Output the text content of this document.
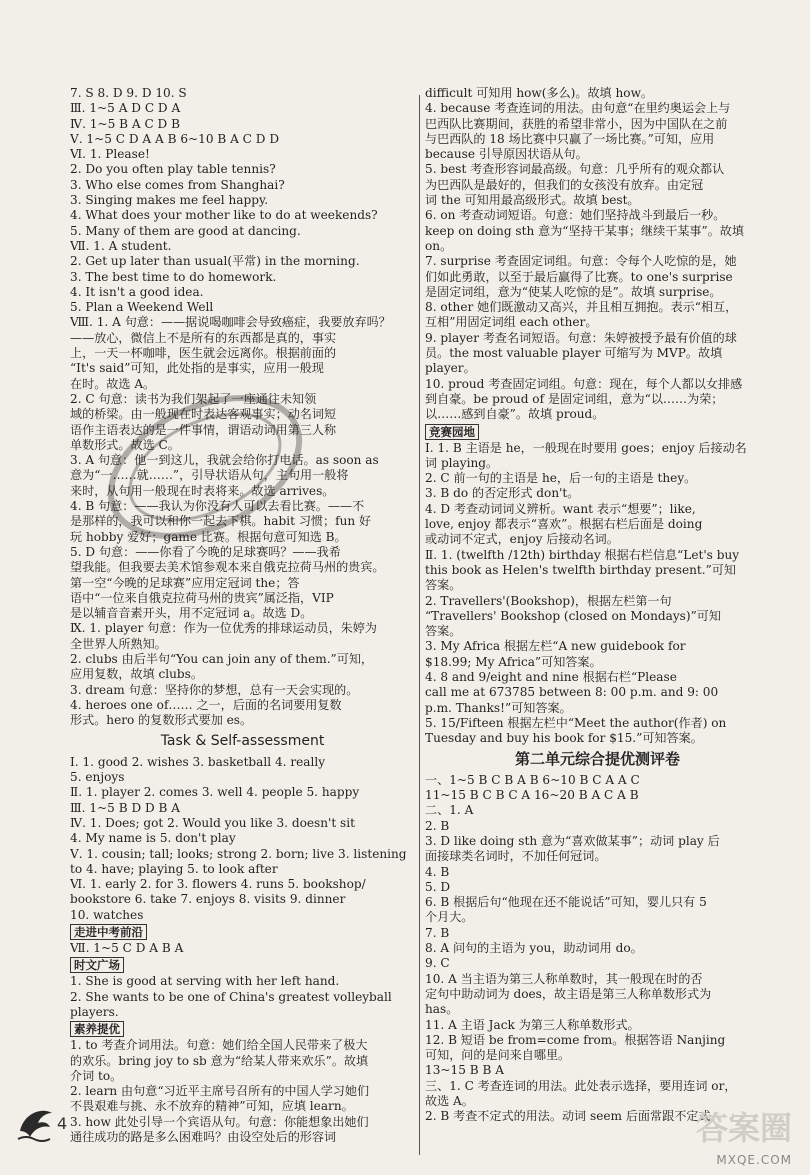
7. S 8. D 9. D 10. S
Ⅲ. 1~5 A D C D A
Ⅳ. 1~5 B A C D B
Ⅴ. 1~5 C D A A B 6~10 B A C D D
Ⅵ. 1. Please!
2. Do you often play table tennis?
3. Who else comes from Shanghai?
3. Singing makes me feel happy.
4. What does your mother like to do at weekends?
5. Many of them are good at dancing.
Ⅶ. 1. A student.
2. Get up later than usual(平常) in the morning.
3. The best time to do homework.
4. It isn't a good idea.
5. Plan a Weekend Well
Ⅷ. 1. A 句意：——据说喝咖啡会导致癌症，我要放弃吗？
——放心，微信上不是所有的东西都是真的，事实
上，一天一杯咖啡，医生就会远离你。根据前面的
“It's said”可知，此处指的是事实，应用一般现
在时。故选 A。
2. C 句意：读书为我们架起了一座通往未知领
域的桥梁。由一般现在时表达客观事实；动名词短
语作主语表达的是一件事情，谓语动词用第三人称
单数形式。故选 C。
3. A 句意：他一到这儿，我就会给你打电话。as soon as
意为“一……就……”，引导状语从句，主句用一般将
来时，从句用一般现在时表将来。故选 arrives。
4. B 句意：——我认为你没有人可以去看比赛。——不
是那样的，我可以和你一起去下棋。habit 习惯；fun 好
玩 hobby 爱好；game 比赛。根据句意可知选 B。
5. D 句意：——你看了今晚的足球赛吗？——我希
望我能。但我要去美术馆参观本来自俄克拉荷马州的贵宾。
第一空“今晚的足球赛”应用定冠词 the；答
语中“一位来自俄克拉荷马州的贵宾”属泛指，VIP
是以辅音音素开头，用不定冠词 a。故选 D。
Ⅸ. 1. player 句意：作为一位优秀的排球运动员，朱婷为
全世界人所熟知。
2. clubs 由后半句“You can join any of them.”可知，
应用复数，故填 clubs。
3. dream 句意：坚持你的梦想，总有一天会实现的。
4. heroes one of…… 之一，后面的名词要用复数
形式。hero 的复数形式要加 es。
Task & Self-assessment
Ⅰ. 1. good 2. wishes 3. basketball 4. really
5. enjoys
Ⅱ. 1. player 2. comes 3. well 4. people 5. happy
Ⅲ. 1~5 B D D B A
Ⅳ. 1. Does; got 2. Would you like 3. doesn't sit
4. My name is 5. don't play
Ⅴ. 1. cousin; tall; looks; strong 2. born; live 3. listening
to 4. have; playing 5. to look after
Ⅵ. 1. early 2. for 3. flowers 4. runs 5. bookshop/
bookstore 6. take 7. enjoys 8. visits 9. dinner
10. watches
走进中考前沿
Ⅶ. 1~5 C D A B A
时文广场
1. She is good at serving with her left hand.
2. She wants to be one of China's greatest volleyball
players.
素养提优
1. to 考查介词用法。句意：她们给全国人民带来了极大
的欢乐。bring joy to sb 意为“给某人带来欢乐”。故填
介词 to。
2. learn 由句意“习近平主席号召所有的中国人学习她们
不畏艰难与挑、永不放弃的精神”可知，应填 learn。
3. how 此处引导一个宾语从句。句意：你能想象出她们
通往成功的路是多么困难吗？由设空处后的形容词
difficult 可知用 how(多么)。故填 how。
4. because 考查连词的用法。由句意“在里约奥运会上与
巴西队比赛期间，获胜的希望非常小，因为中国队在之前
与巴西队的 18 场比赛中只赢了一场比赛。”可知，应用
because 引导原因状语从句。
5. best 考查形容词最高级。句意：几乎所有的观众都认
为巴西队是最好的，但我们的女孩没有放弃。由定冠
词 the 可知用最高级形式。故填 best。
6. on 考查动词短语。句意：她们坚持战斗到最后一秒。
keep on doing sth 意为“坚持干某事；继续干某事”。故填
on。
7. surprise 考查固定词组。句意：令每个人吃惊的是，她
们如此勇敢，以至于最后赢得了比赛。to one's surprise
是固定词组，意为“使某人吃惊的是”。故填 surprise。
8. other 她们既激动又高兴，并且相互拥抱。表示“相互，
互相”用固定词组 each other。
9. player 考查名词短语。句意：朱婷被授予最有价值的球
员。the most valuable player 可缩写为 MVP。故填
player。
10. proud 考查固定词组。句意：现在，每个人都以女排感
到自豪。be proud of 是固定词组，意为“以……为荣；
以……感到自豪”。故填 proud。
竞赛园地
Ⅰ. 1. B 主语是 he，一般现在时要用 goes；enjoy 后接动名
词 playing。
2. C 前一句的主语是 he，后一句的主语是 they。
3. B do 的否定形式 don't。
4. D 考查动词词义辨析。want 表示“想要”；like,
love, enjoy 都表示“喜欢”。根据右栏后面是 doing
或动词不定式，enjoy 后接动名词。
Ⅱ. 1. (twelfth /12th) birthday 根据右栏信息“Let's buy
this book as Helen's twelfth birthday present.”可知
答案。
2. Travellers'(Bookshop)，根据左栏第一句
“Travellers' Bookshop (closed on Mondays)”可知
答案。
3. My Africa 根据左栏“A new guidebook for
$18.99; My Africa”可知答案。
4. 8 and 9/eight and nine 根据右栏“Please
call me at 673785 between 8: 00 p.m. and 9: 00
p.m. Thanks!”可知答案。
5. 15/Fifteen 根据左栏中“Meet the author(作者) on
Tuesday and buy his book for $15.”可知答案。
第二单元综合提优测评卷
一、1~5 B C B A B 6~10 B C A A C
11~15 B C B C A 16~20 B A C A B
二、1. A
2. B
3. D like doing sth 意为“喜欢做某事”；动词 play 后
面接球类名词时，不加任何冠词。
4. B
5. D
6. B 根据后句“他现在还不能说话”可知，婴儿只有 5
个月大。
7. B
8. A 问句的主语为 you，助动词用 do。
9. C
10. A 当主语为第三人称单数时，其一般现在时的否
定句中助动词为 does，故主语是第三人称单数形式为
has。
11. A 主语 Jack 为第三人称单数形式。
12. B 短语 be from=come from。根据答语 Nanjing
可知，问的是问来自哪里。
13~15 B B A
三、1. C 考查连词的用法。此处表示选择，要用连词 or，
故选 A。
2. B 考查不定式的用法。动词 seem 后面常跟不定式
4	答案圈
MXQE.COM
